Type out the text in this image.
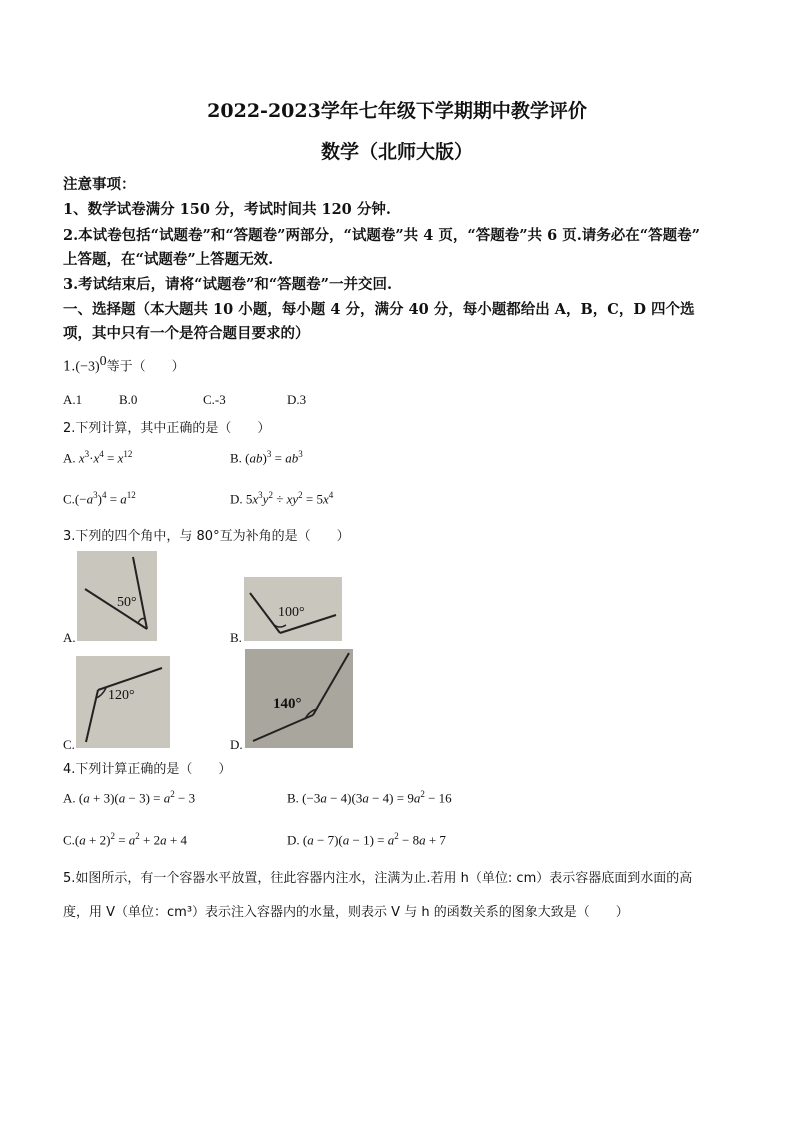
2022-2023学年七年级下学期期中教学评价
数学（北师大版）
注意事项：
1、数学试卷满分 150 分，考试时间共 120 分钟.
2.本试卷包括“试题卷”和“答题卷”两部分，“试题卷”共 4 页，“答题卷”共 6 页.请务必在“答题卷”
上答题，在“试题卷”上答题无效.
3.考试结束后，请将“试题卷”和“答题卷”一并交回.
一、选择题（本大题共 10 小题，每小题 4 分，满分 40 分，每小题都给出 A，B，C，D 四个选
项，其中只有一个是符合题目要求的）
$1.(-3)^0$等于（　　）
A.1	B.0	C.-3	D.3
2.下列计算，其中正确的是（　　）
A. $x^3\cdot x^4 = x^{12}$	B. $(ab)^3 = ab^3$
$C.(-a^3)^4 = a^{12}$	D. $5x^3y^2 \div xy^2 = 5x^4$
3.下列的四个角中，与 80°互为补角的是（　　）
A.
50°
B.
100°
C.
120°
D.
140°
4.下列计算正确的是（　　）
A. $(a + 3)(a - 3) = a^2 - 3$	B. $(-3a - 4)(3a - 4) = 9a^2 - 16$
$C.(a + 2)^2 = a^2 + 2a + 4$	D. $(a - 7)(a - 1) = a^2 - 8a + 7$
5.如图所示，有一个容器水平放置，往此容器内注水，注满为止.若用 h（单位: cm）表示容器底面到水面的高
度，用 V（单位：cm³）表示注入容器内的水量，则表示 V 与 h 的函数关系的图象大致是（　　）
